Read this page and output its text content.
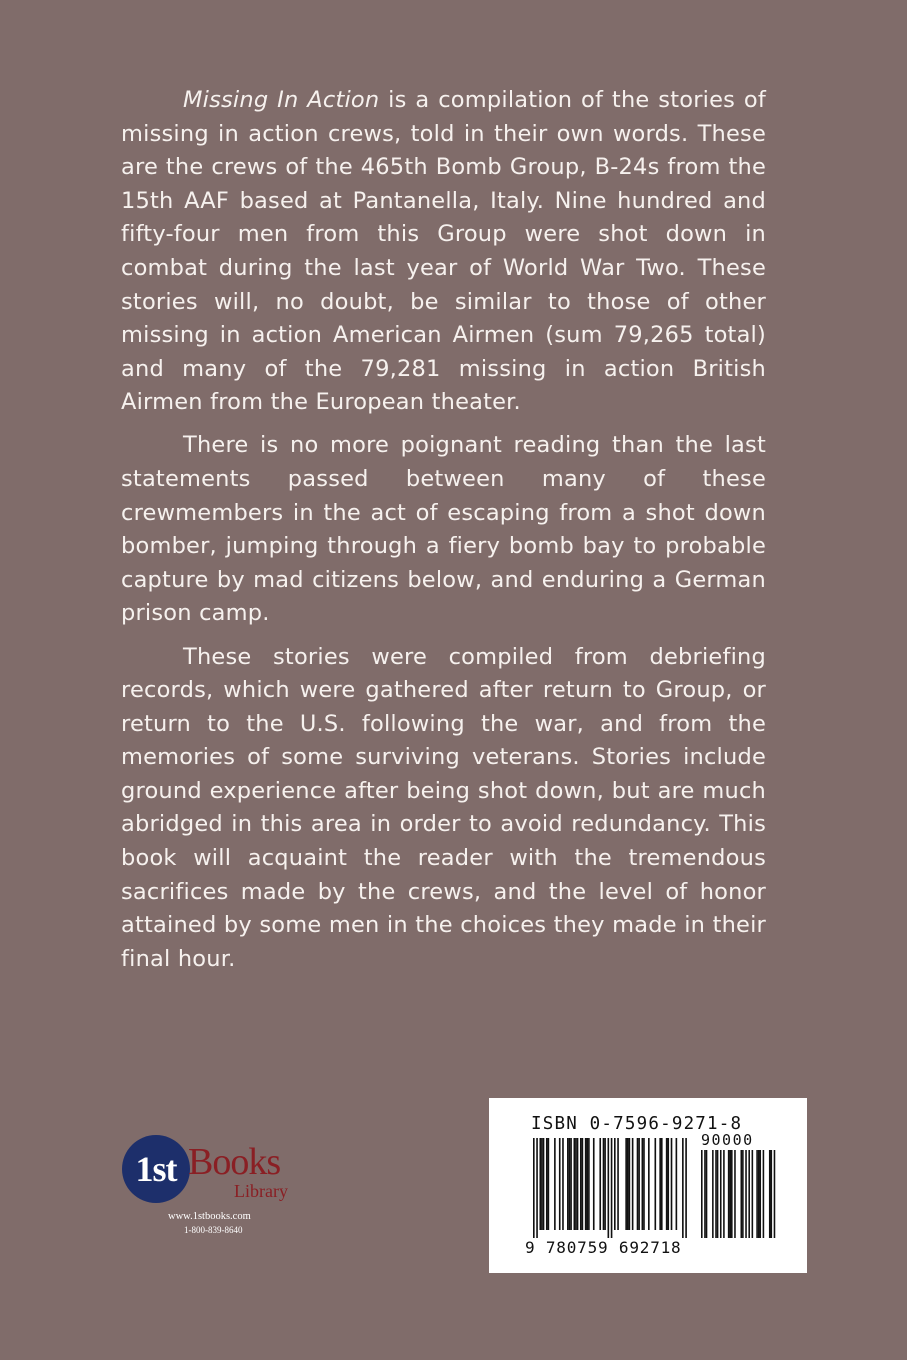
Missing In Action is a compilation of the stories of missing in action crews, told in their own words. These are the crews of the 465th Bomb Group, B-24s from the 15th AAF based at Pantanella, Italy. Nine hundred and fifty-four men from this Group were shot down in combat during the last year of World War Two. These stories will, no doubt, be similar to those of other missing in action American Airmen (sum 79,265 total) and many of the 79,281 missing in action British Airmen from the European theater.

There is no more poignant reading than the last statements passed between many of these crewmembers in the act of escaping from a shot down bomber, jumping through a fiery bomb bay to probable capture by mad citizens below, and enduring a German prison camp.

These stories were compiled from debriefing records, which were gathered after return to Group, or return to the U.S. following the war, and from the memories of some surviving veterans. Stories include ground experience after being shot down, but are much abridged in this area in order to avoid redundancy. This book will acquaint the reader with the tremendous sacrifices made by the crews, and the level of honor attained by some men in the choices they made in their final hour.

1st Books
Library
www.1stbooks.com
1-800-839-8640
ISBN 0-7596-9271-8
90000
9 780759 692718
